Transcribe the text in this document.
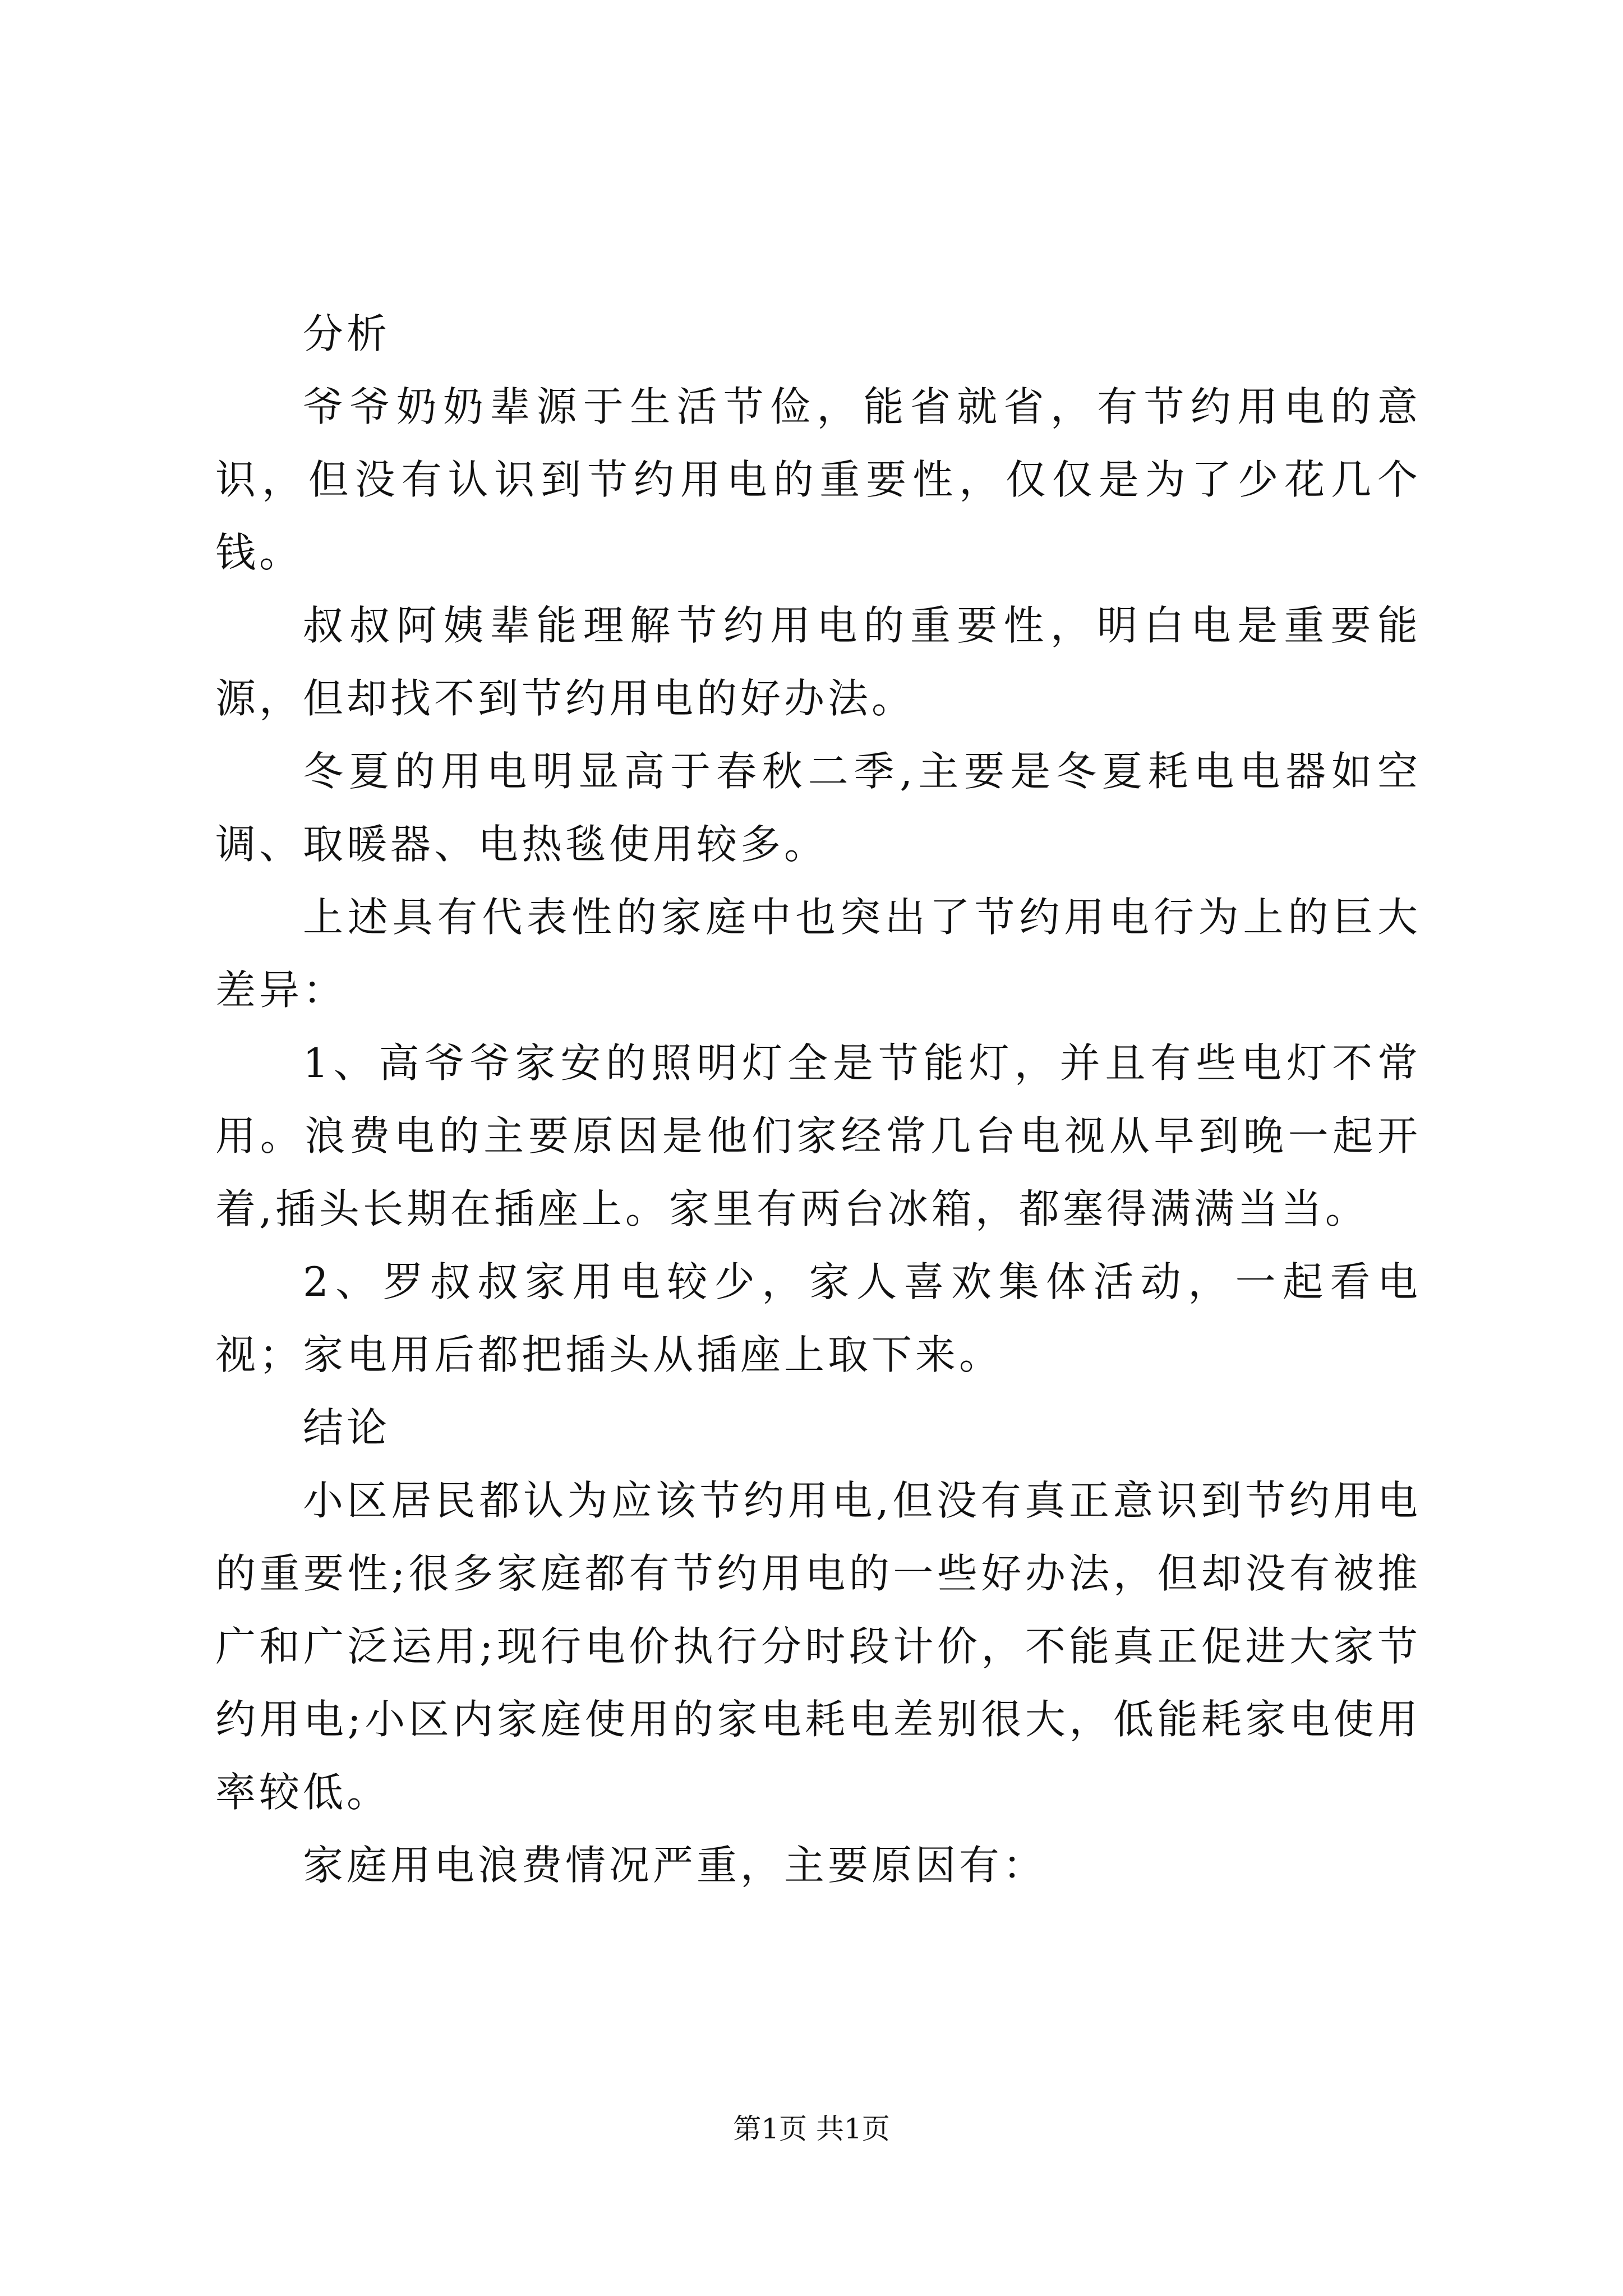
分析

爷爷奶奶辈源于生活节俭，能省就省，有节约用电的意识，但没有认识到节约用电的重要性，仅仅是为了少花几个钱。

叔叔阿姨辈能理解节约用电的重要性，明白电是重要能源，但却找不到节约用电的好办法。

冬夏的用电明显高于春秋二季,主要是冬夏耗电电器如空调、取暖器、电热毯使用较多。

上述具有代表性的家庭中也突出了节约用电行为上的巨大差异：

1、高爷爷家安的照明灯全是节能灯，并且有些电灯不常用。浪费电的主要原因是他们家经常几台电视从早到晚一起开着,插头长期在插座上。家里有两台冰箱，都塞得满满当当。

2、罗叔叔家用电较少，家人喜欢集体活动，一起看电视；家电用后都把插头从插座上取下来。

结论

小区居民都认为应该节约用电,但没有真正意识到节约用电的重要性;很多家庭都有节约用电的一些好办法，但却没有被推广和广泛运用;现行电价执行分时段计价，不能真正促进大家节约用电;小区内家庭使用的家电耗电差别很大，低能耗家电使用率较低。

家庭用电浪费情况严重，主要原因有：

第1页 共1页
